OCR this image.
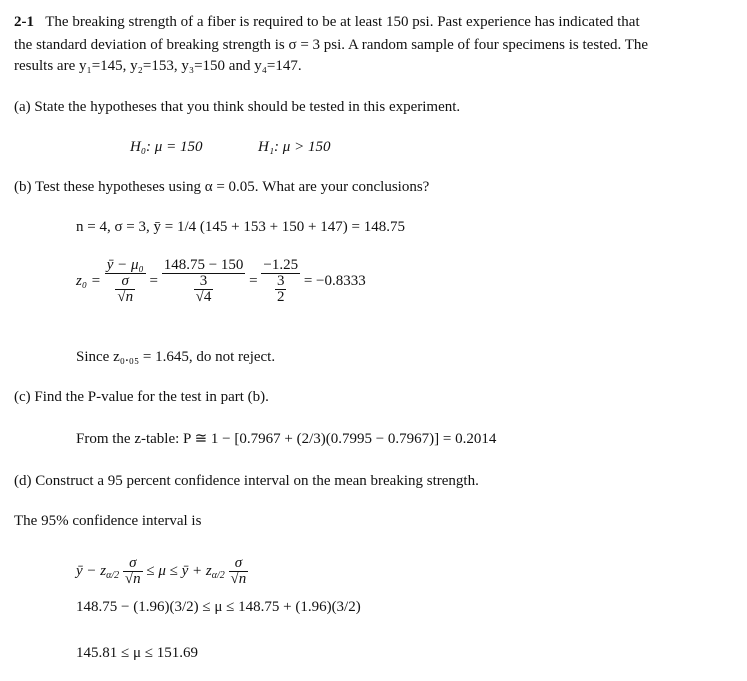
2-1 The breaking strength of a fiber is required to be at least 150 psi. Past experience has indicated that
the standard deviation of breaking strength is σ = 3 psi. A random sample of four specimens is tested. The
results are y₁=145, y₂=153, y₃=150 and y₄=147.
(a) State the hypotheses that you think should be tested in this experiment.
H₀: μ = 150	H₁: μ > 150
(b) Test these hypotheses using α = 0.05. What are your conclusions?
n = 4, σ = 3, ȳ = 1/4 (145 + 153 + 150 + 147) = 148.75
$z_0 = \frac{\text{ȳ − μ₀}}{\frac{\sigma}{√n}} = \frac{148.75 - 150}{\frac{3}{√4}} = \frac{-1.25}{\frac{3}{2}} = -0.8333$
Since z₀.₀₅ = 1.645, do not reject.
(c) Find the P-value for the test in part (b).
From the z-table: P ≅ 1 − [0.7967 + (2/3)(0.7995 − 0.7967)] = 0.2014
(d) Construct a 95 percent confidence interval on the mean breaking strength.
The 95% confidence interval is
ȳ − $z_{\alpha/2} \frac{\sigma}{√n} \le \mu$ ≤ ȳ + $z_{\alpha/2} \frac{\sigma}{√n}$
148.75 − (1.96)(3/2) ≤ μ ≤ 148.75 + (1.96)(3/2)
145.81 ≤ μ ≤ 151.69
